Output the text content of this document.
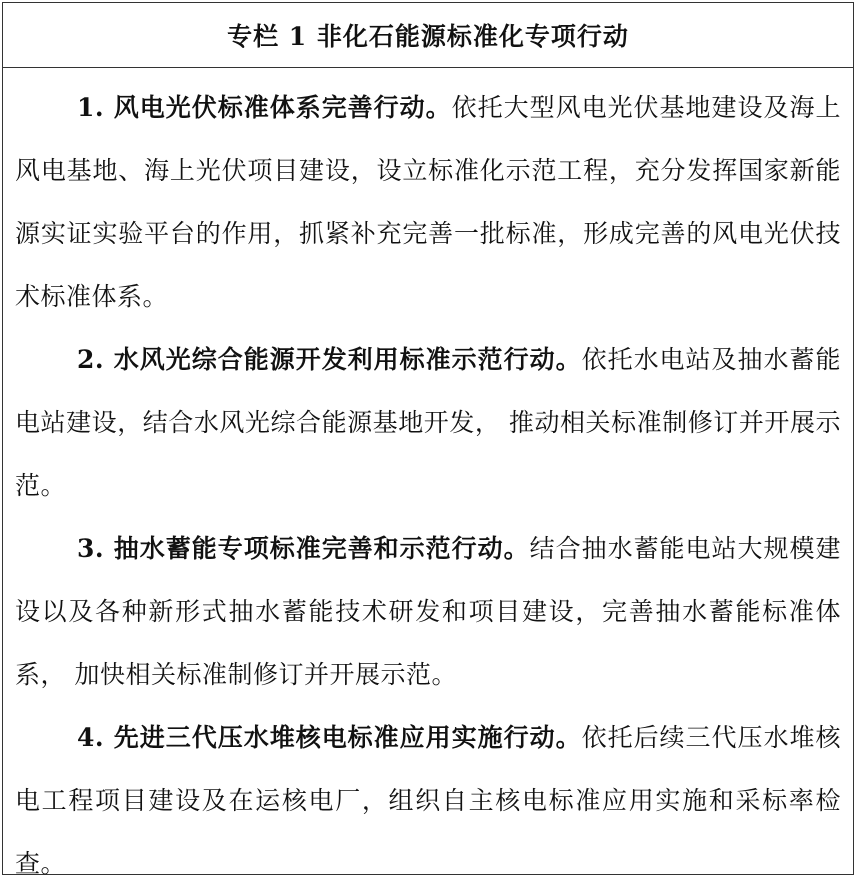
专栏 1 非化石能源标准化专项行动

1. 风电光伏标准体系完善行动。依托大型风电光伏基地建设及海上风电基地、海上光伏项目建设，设立标准化示范工程，充分发挥国家新能源实证实验平台的作用，抓紧补充完善一批标准，形成完善的风电光伏技术标准体系。

2. 水风光综合能源开发利用标准示范行动。依托水电站及抽水蓄能电站建设，结合水风光综合能源基地开发， 推动相关标准制修订并开展示范。

3. 抽水蓄能专项标准完善和示范行动。结合抽水蓄能电站大规模建设以及各种新形式抽水蓄能技术研发和项目建设，完善抽水蓄能标准体系， 加快相关标准制修订并开展示范。

4. 先进三代压水堆核电标准应用实施行动。依托后续三代压水堆核电工程项目建设及在运核电厂，组织自主核电标准应用实施和采标率检查。
